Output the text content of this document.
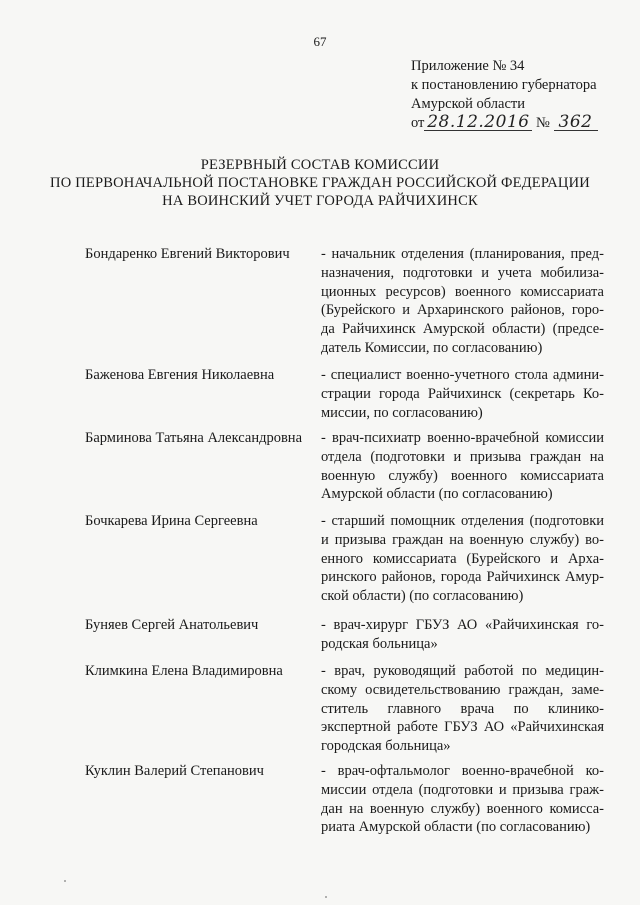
67
Приложение № 34
к постановлению губернатора
Амурской области
от 28.12.2016 № 362
РЕЗЕРВНЫЙ СОСТАВ КОМИССИИ
ПО ПЕРВОНАЧАЛЬНОЙ ПОСТАНОВКЕ ГРАЖДАН РОССИЙСКОЙ ФЕДЕРАЦИИ
НА ВОИНСКИЙ УЧЕТ ГОРОДА РАЙЧИХИНСК
Бондаренко Евгений Викторович - начальник отделения (планирования, пред-
назначения, подготовки и учета мобилиза-
ционных ресурсов) военного комиссариата
(Бурейского и Архаринского районов, горо-
да Райчихинск Амурской области) (предсе-
датель Комиссии, по согласованию)
Баженова Евгения Николаевна	- специалист военно-учетного стола админи-
страции города Райчихинск (секретарь Ко-
миссии, по согласованию)
Барминова Татьяна Александровна - врач-психиатр военно-врачебной комиссии
отдела (подготовки и призыва граждан на
военную службу) военного комиссариата
Амурской области (по согласованию)
Бочкарева Ирина Сергеевна	- старший помощник отделения (подготовки
и призыва граждан на военную службу) во-
енного комиссариата (Бурейского и Арха-
ринского районов, города Райчихинск Амур-
ской области) (по согласованию)
Буняев Сергей Анатольевич	- врач-хирург ГБУЗ АО «Райчихинская го-
родская больница»
Климкина Елена Владимировна	- врач, руководящий работой по медицин-
скому освидетельствованию граждан, заме-
ститель главного врача по клинико-
экспертной работе ГБУЗ АО «Райчихинская
городская больница»
Куклин Валерий Степанович	- врач-офтальмолог военно-врачебной ко-
миссии отдела (подготовки и призыва граж-
дан на военную службу) военного комисса-
риата Амурской области (по согласованию)
